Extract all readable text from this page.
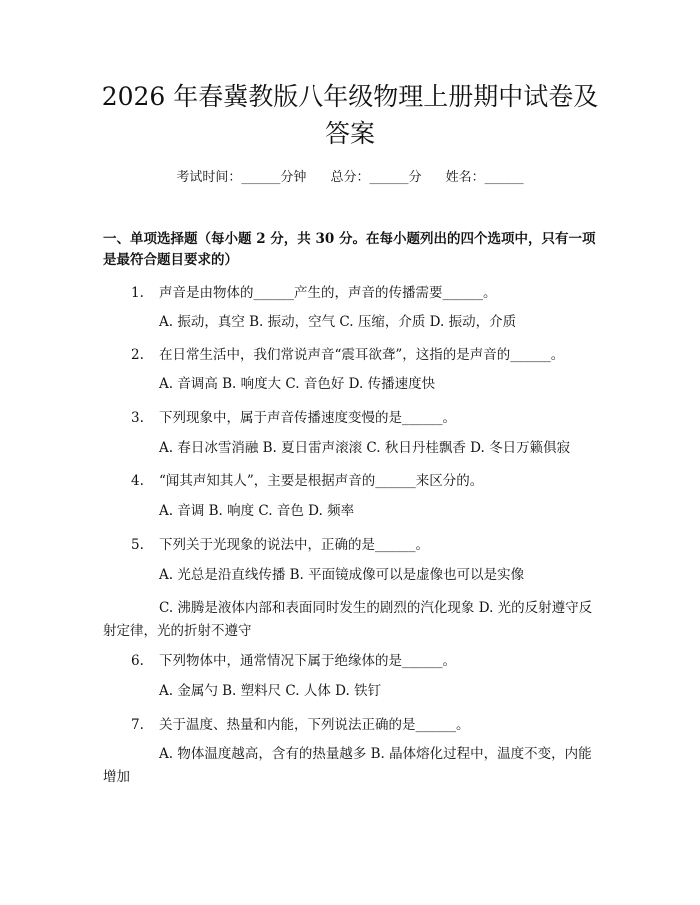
2026 年春冀教版八年级物理上册期中试卷及
答案
考试时间：______分钟 总分：______分 姓名：______
一、单项选择题（每小题 2 分，共 30 分。在每小题列出的四个选项中，只有一项
是最符合题目要求的）
1. 声音是由物体的______产生的，声音的传播需要______。
A. 振动，真空 B. 振动，空气 C. 压缩，介质 D. 振动，介质
2. 在日常生活中，我们常说声音“震耳欲聋”，这指的是声音的______。
A. 音调高 B. 响度大 C. 音色好 D. 传播速度快
3. 下列现象中，属于声音传播速度变慢的是______。
A. 春日冰雪消融 B. 夏日雷声滚滚 C. 秋日丹桂飘香 D. 冬日万籁俱寂
4. “闻其声知其人”，主要是根据声音的______来区分的。
A. 音调 B. 响度 C. 音色 D. 频率
5. 下列关于光现象的说法中，正确的是______。
A. 光总是沿直线传播 B. 平面镜成像可以是虚像也可以是实像
C. 沸腾是液体内部和表面同时发生的剧烈的汽化现象 D. 光的反射遵守反射定律，光的折射不遵守
6. 下列物体中，通常情况下属于绝缘体的是______。
A. 金属勺 B. 塑料尺 C. 人体 D. 铁钉
7. 关于温度、热量和内能，下列说法正确的是______。
A. 物体温度越高，含有的热量越多 B. 晶体熔化过程中，温度不变，内能增加
